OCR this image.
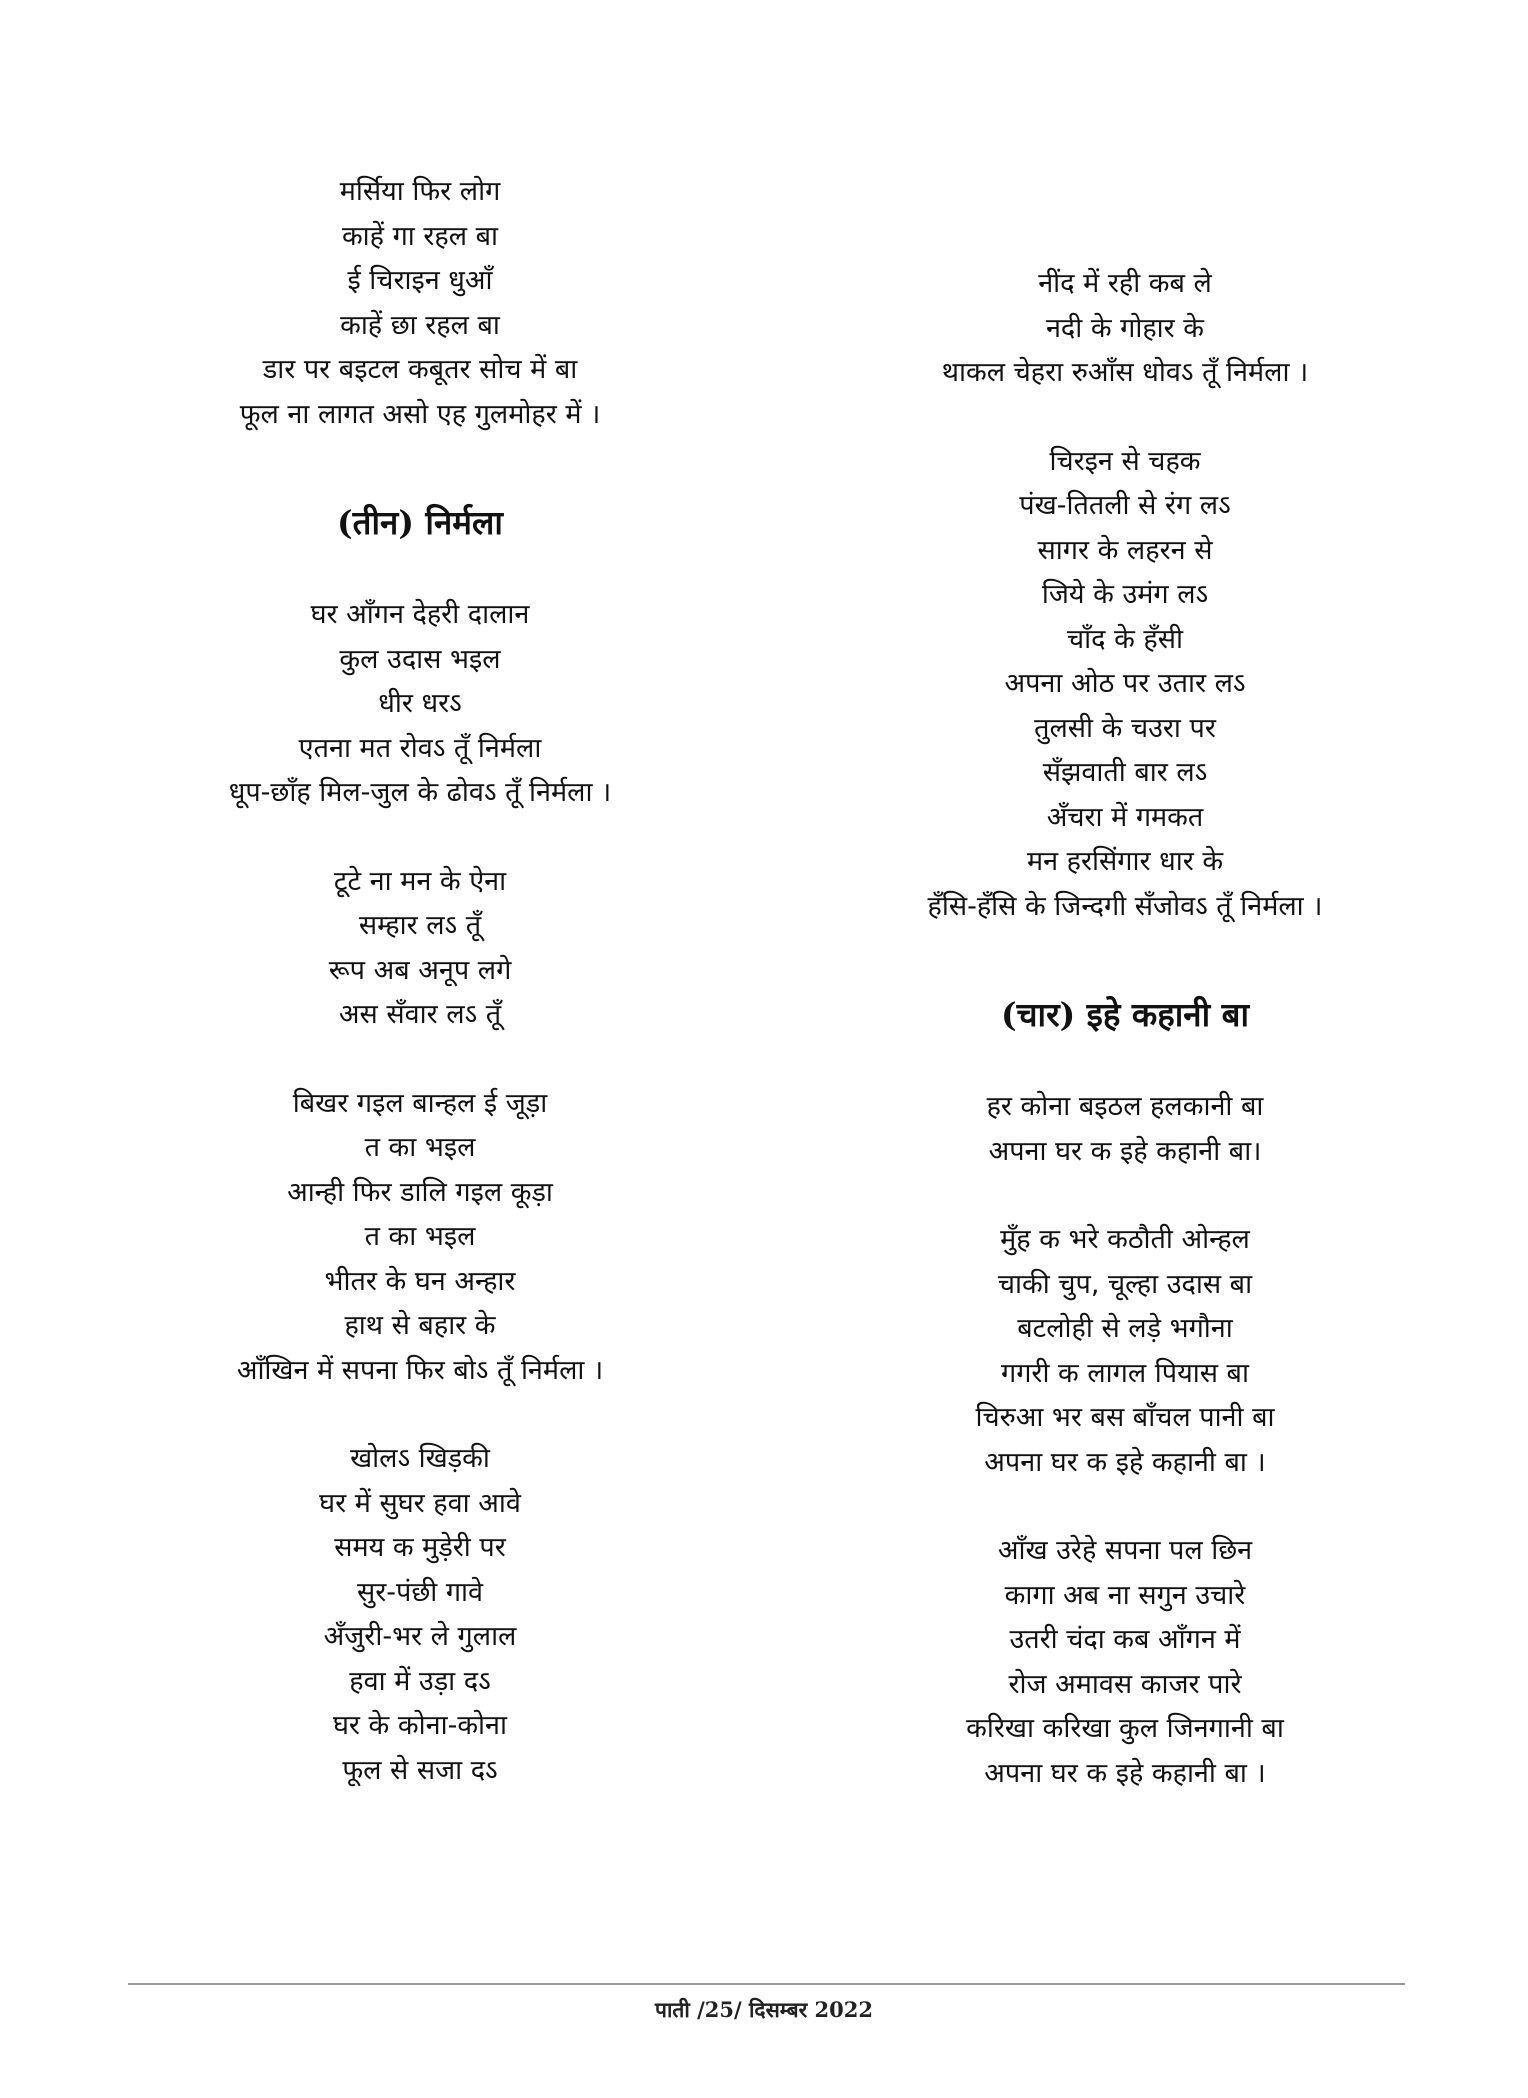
मर्सिया फिर लोग
काहें गा रहल बा
ई चिराइन धुआँ
काहें छा रहल बा
डार पर बइटल कबूतर सोच में बा
फूल ना लागत असो एह गुलमोहर में ।
(तीन) निर्मला
घर आँगन देहरी दालान
कुल उदास भइल
धीर धरऽ
एतना मत रोवऽ तूँ निर्मला
धूप-छाँह मिल-जुल के ढोवऽ तूँ निर्मला ।
टूटे ना मन के ऐना
सम्हार लऽ तूँ
रूप अब अनूप लगे
अस सँवार लऽ तूँ
बिखर गइल बान्हल ई जूड़ा
त का भइल
आन्ही फिर डालि गइल कूड़ा
त का भइल
भीतर के घन अन्हार
हाथ से बहार के
आँखिन में सपना फिर बोऽ तूँ निर्मला ।
खोलऽ खिड़की
घर में सुघर हवा आवे
समय क मुड़ेरी पर
सुर-पंछी गावे
अँजुरी-भर ले गुलाल
हवा में उड़ा दऽ
घर के कोना-कोना
फूल से सजा दऽ
नींद में रही कब ले
नदी के गोहार के
थाकल चेहरा रुआँस धोवऽ तूँ निर्मला ।
चिरइन से चहक
पंख-तितली से रंग लऽ
सागर के लहरन से
जिये के उमंग लऽ
चाँद के हँसी
अपना ओठ पर उतार लऽ
तुलसी के चउरा पर
सँझवाती बार लऽ
अँचरा में गमकत
मन हरसिंगार धार के
हँसि-हँसि के जिन्दगी सँजोवऽ तूँ निर्मला ।
(चार) इहे कहानी बा
हर कोना बइठल हलकानी बा
अपना घर क इहे कहानी बा।
मुँह क भरे कठौती ओन्हल
चाकी चुप, चूल्हा उदास बा
बटलोही से लड़े भगौना
गगरी क लागल पियास बा
चिरुआ भर बस बाँचल पानी बा
अपना घर क इहे कहानी बा ।
आँख उरेहे सपना पल छिन
कागा अब ना सगुन उचारे
उतरी चंदा कब आँगन में
रोज अमावस काजर पारे
करिखा करिखा कुल जिनगानी बा
अपना घर क इहे कहानी बा ।
पाती /25/ दिसम्बर 2022
